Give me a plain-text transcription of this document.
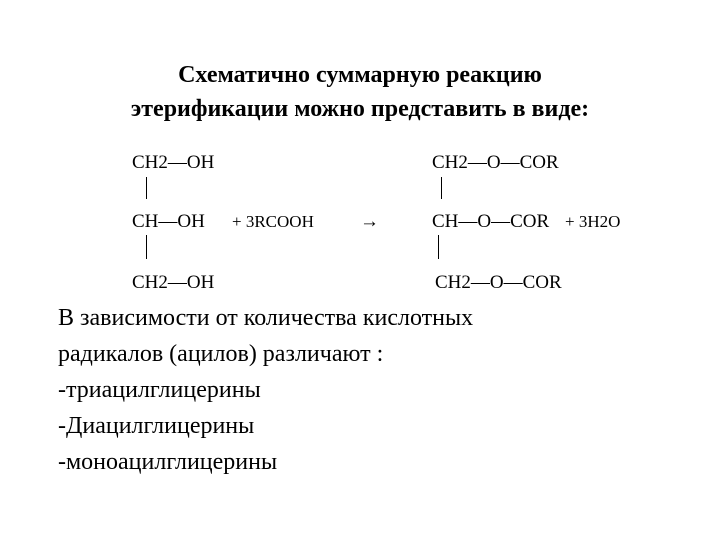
Схематично суммарную реакцию
этерификации можно представить в виде:
CH2—OH
CH—OH
CH2—OH
+ 3RCOOH →
CH2—O—COR
CH—O—COR + 3H2O
CH2—O—COR
В зависимости от количества кислотных
радикалов (ацилов) различают :
-триацилглицерины
-Диацилглицерины
-моноацилглицерины
